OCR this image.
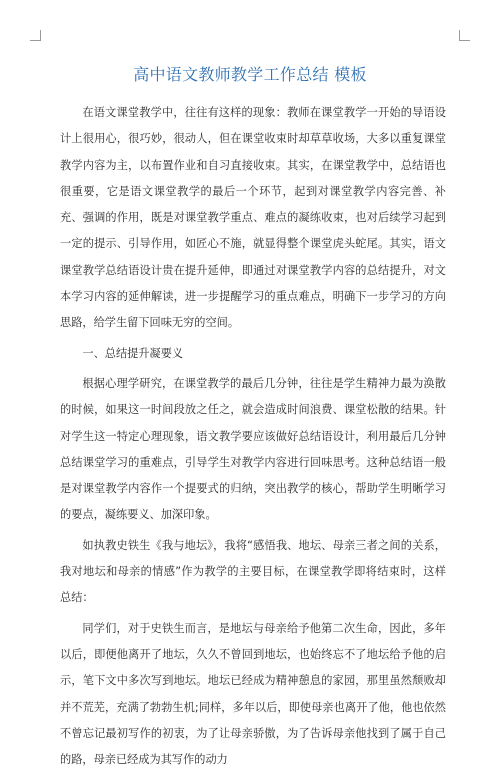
高中语文教师教学工作总结 模板

在语文课堂教学中，往往有这样的现象：教师在课堂教学一开始的导语设计上很用心，很巧妙，很动人，但在课堂收束时却草草收场，大多以重复课堂教学内容为主，以布置作业和自习直接收束。其实，在课堂教学中，总结语也很重要，它是语文课堂教学的最后一个环节，起到对课堂教学内容完善、补充、强调的作用，既是对课堂教学重点、难点的凝练收束，也对后续学习起到一定的提示、引导作用，如匠心不施，就显得整个课堂虎头蛇尾。其实，语文课堂教学总结语设计贵在提升延伸，即通过对课堂教学内容的总结提升，对文本学习内容的延伸解读，进一步提醒学习的重点难点，明确下一步学习的方向思路，给学生留下回味无穷的空间。

一、总结提升凝要义

根据心理学研究，在课堂教学的最后几分钟，往往是学生精神力最为涣散的时候，如果这一时间段放之任之，就会造成时间浪费、课堂松散的结果。针对学生这一特定心理现象，语文教学要应该做好总结语设计，利用最后几分钟总结课堂学习的重难点，引导学生对教学内容进行回味思考。这种总结语一般是对课堂教学内容作一个提要式的归纳，突出教学的核心，帮助学生明晰学习的要点，凝练要义、加深印象。

如执教史铁生《我与地坛》，我将“感悟我、地坛、母亲三者之间的关系，我对地坛和母亲的情感”作为教学的主要目标，在课堂教学即将结束时，这样总结：

同学们，对于史铁生而言，是地坛与母亲给予他第二次生命，因此，多年以后，即便他离开了地坛，久久不曾回到地坛，也始终忘不了地坛给予他的启示，笔下文中多次写到地坛。地坛已经成为精神憩息的家园，那里虽然颓败却并不荒芜，充满了勃勃生机;同样，多年以后，即使母亲也离开了他，他也依然不曾忘记最初写作的初衷，为了让母亲骄傲，为了告诉母亲他找到了属于自己的路，母亲已经成为其写作的动力
